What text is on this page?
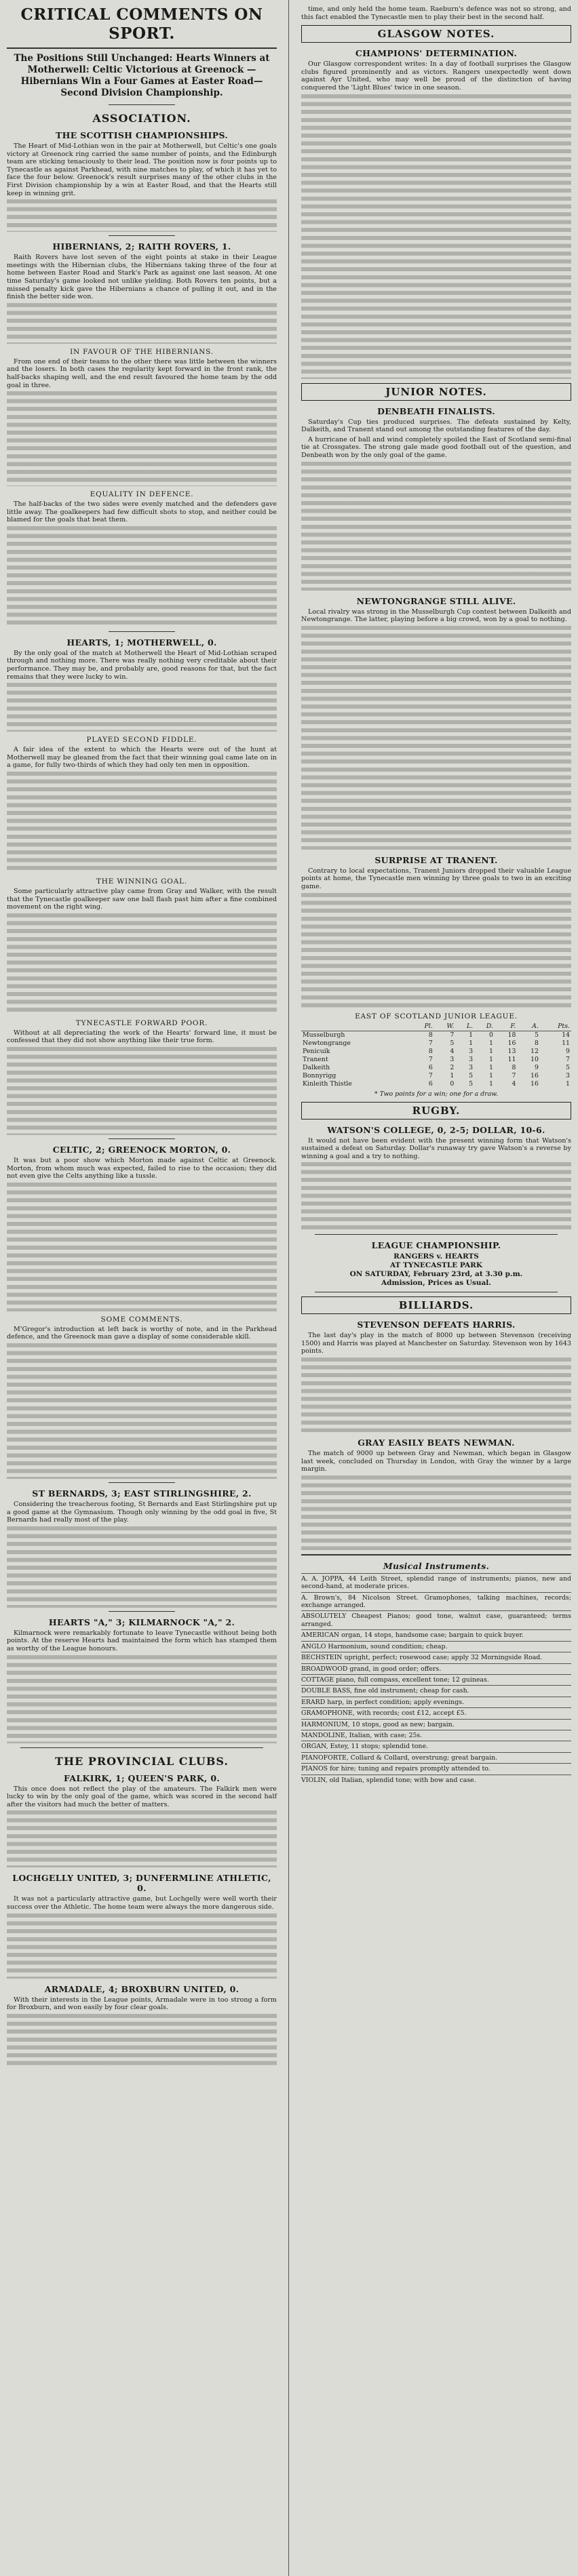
CRITICAL COMMENTS ON SPORT.
The Positions Still Unchanged: Hearts Winners at Motherwell: Celtic Victorious at Greenock — Hibernians Win a Four Games at Easter Road—Second Division Championship.
ASSOCIATION.
THE SCOTTISH CHAMPIONSHIPS.

The Heart of Mid-Lothian won in the pair at Motherwell, but Celtic's one goals victory at Greenock ring carried the same number of points, and the Edinburgh team are sticking tenaciously to their lead. The position now is four points up to Tynecastle as against Parkhead, with nine matches to play, of which it has yet to face the four below. Greenock's result surprises many of the other clubs in the First Division championship by a win at Easter Road, and that the Hearts still keep in winning grit.

HIBERNIANS, 2; RAITH ROVERS, 1.

Raith Rovers have lost seven of the eight points at stake in their League meetings with the Hibernian clubs, the Hibernians taking three of the four at home between Easter Road and Stark's Park as against one last season. At one time Saturday's game looked not unlike yielding. Both Rovers ten points, but a missed penalty kick gave the Hibernians a chance of pulling it out, and in the finish the better side won.

IN FAVOUR OF THE HIBERNIANS.

From one end of their teams to the other there was little between the winners and the losers. In both cases the regularity kept forward in the front rank, the half-backs shaping well, and the end result favoured the home team by the odd goal in three.

EQUALITY IN DEFENCE.

The half-backs of the two sides were evenly matched and the defenders gave little away. The goalkeepers had few difficult shots to stop, and neither could be blamed for the goals that beat them.

HEARTS, 1; MOTHERWELL, 0.

By the only goal of the match at Motherwell the Heart of Mid-Lothian scraped through and nothing more. There was really nothing very creditable about their performance. They may be, and probably are, good reasons for that, but the fact remains that they were lucky to win.

PLAYED SECOND FIDDLE.

A fair idea of the extent to which the Hearts were out of the hunt at Motherwell may be gleaned from the fact that their winning goal came late on in a game, for fully two-thirds of which they had only ten men in opposition.

THE WINNING GOAL.

Some particularly attractive play came from Gray and Walker, with the result that the Tynecastle goalkeeper saw one ball flash past him after a fine combined movement on the right wing.

TYNECASTLE FORWARD POOR.

Without at all depreciating the work of the Hearts' forward line, it must be confessed that they did not show anything like their true form.

CELTIC, 2; GREENOCK MORTON, 0.

It was but a poor show which Morton made against Celtic at Greenock. Morton, from whom much was expected, failed to rise to the occasion; they did not even give the Celts anything like a tussle.

SOME COMMENTS.

M'Gregor's introduction at left back is worthy of note, and in the Parkhead defence, and the Greenock man gave a display of some considerable skill.

ST BERNARDS, 3; EAST STIRLINGSHIRE, 2.

Considering the treacherous footing, St Bernards and East Stirlingshire put up a good game at the Gymnasium. Though only winning by the odd goal in five, St Bernards had really most of the play.

HEARTS "A," 3; KILMARNOCK "A," 2.

Kilmarnock were remarkably fortunate to leave Tynecastle without being both points. At the reserve Hearts had maintained the form which has stamped them as worthy of the League honours.

THE PROVINCIAL CLUBS.
FALKIRK, 1; QUEEN'S PARK, 0.

This once does not reflect the play of the amateurs. The Falkirk men were lucky to win by the only goal of the game, which was scored in the second half after the visitors had much the better of matters.

LOCHGELLY UNITED, 3; DUNFERMLINE ATHLETIC, 0.

It was not a particularly attractive game, but Lochgelly were well worth their success over the Athletic. The home team were always the more dangerous side.

ARMADALE, 4; BROXBURN UNITED, 0.

With their interests in the League points, Armadale were in too strong a form for Broxburn, and won easily by four clear goals.

time, and only held the home team. Raeburn's defence was not so strong, and this fact enabled the Tynecastle men to play their best in the second half.

GLASGOW NOTES.
CHAMPIONS' DETERMINATION.

Our Glasgow correspondent writes: In a day of football surprises the Glasgow clubs figured prominently and as victors. Rangers unexpectedly went down against Ayr United, who may well be proud of the distinction of having conquered the 'Light Blues' twice in one season.

JUNIOR NOTES.
DENBEATH FINALISTS.

Saturday's Cup ties produced surprises. The defeats sustained by Kelty, Dalkeith, and Tranent stand out among the outstanding features of the day.

A hurricane of ball and wind completely spoiled the East of Scotland semi-final tie at Crossgates. The strong gale made good football out of the question, and Denbeath won by the only goal of the game.

NEWTONGRANGE STILL ALIVE.

Local rivalry was strong in the Musselburgh Cup contest between Dalkeith and Newtongrange. The latter, playing before a big crowd, won by a goal to nothing.

SURPRISE AT TRANENT.

Contrary to local expectations, Tranent Juniors dropped their valuable League points at home, the Tynecastle men winning by three goals to two in an exciting game.

EAST OF SCOTLAND JUNIOR LEAGUE.
	Pl.	W.	L.	D.	F.	A.	Pts.
Musselburgh	8	7	1	0	18	5	14
Newtongrange	7	5	1	1	16	8	11
Penicuik	8	4	3	1	13	12	9
Tranent	7	3	3	1	11	10	7
Dalkeith	6	2	3	1	8	9	5
Bonnyrigg	7	1	5	1	7	16	3
Kinleith Thistle	6	0	5	1	4	16	1
* Two points for a win; one for a draw.
RUGBY.
WATSON'S COLLEGE, 0, 2-5; DOLLAR, 10-6.

It would not have been evident with the present winning form that Watson's sustained a defeat on Saturday. Dollar's runaway try gave Watson's a reverse by winning a goal and a try to nothing.

LEAGUE CHAMPIONSHIP.
RANGERS v. HEARTS
AT TYNECASTLE PARK
ON SATURDAY, February 23rd, at 3.30 p.m.
Admission, Prices as Usual.
BILLIARDS.
STEVENSON DEFEATS HARRIS.

The last day's play in the match of 8000 up between Stevenson (receiving 1500) and Harris was played at Manchester on Saturday. Stevenson won by 1643 points.

GRAY EASILY BEATS NEWMAN.

The match of 9000 up between Gray and Newman, which began in Glasgow last week, concluded on Thursday in London, with Gray the winner by a large margin.

Musical Instruments.
A. A. JOPPA, 44 Leith Street, splendid range of instruments; pianos, new and second-hand, at moderate prices.
A. Brown's, 84 Nicolson Street. Gramophones, talking machines, records; exchange arranged.
ABSOLUTELY Cheapest Pianos; good tone, walnut case, guaranteed; terms arranged.
AMERICAN organ, 14 stops, handsome case; bargain to quick buyer.
ANGLO Harmonium, sound condition; cheap.
BECHSTEIN upright, perfect; rosewood case; apply 32 Morningside Road.
BROADWOOD grand, in good order; offers.
COTTAGE piano, full compass, excellent tone; 12 guineas.
DOUBLE BASS, fine old instrument; cheap for cash.
ERARD harp, in perfect condition; apply evenings.
GRAMOPHONE, with records; cost £12, accept £5.
HARMONIUM, 10 stops, good as new; bargain.
MANDOLINE, Italian, with case; 25s.
ORGAN, Estey, 11 stops; splendid tone.
PIANOFORTE, Collard & Collard, overstrung; great bargain.
PIANOS for hire; tuning and repairs promptly attended to.
VIOLIN, old Italian, splendid tone; with bow and case.
